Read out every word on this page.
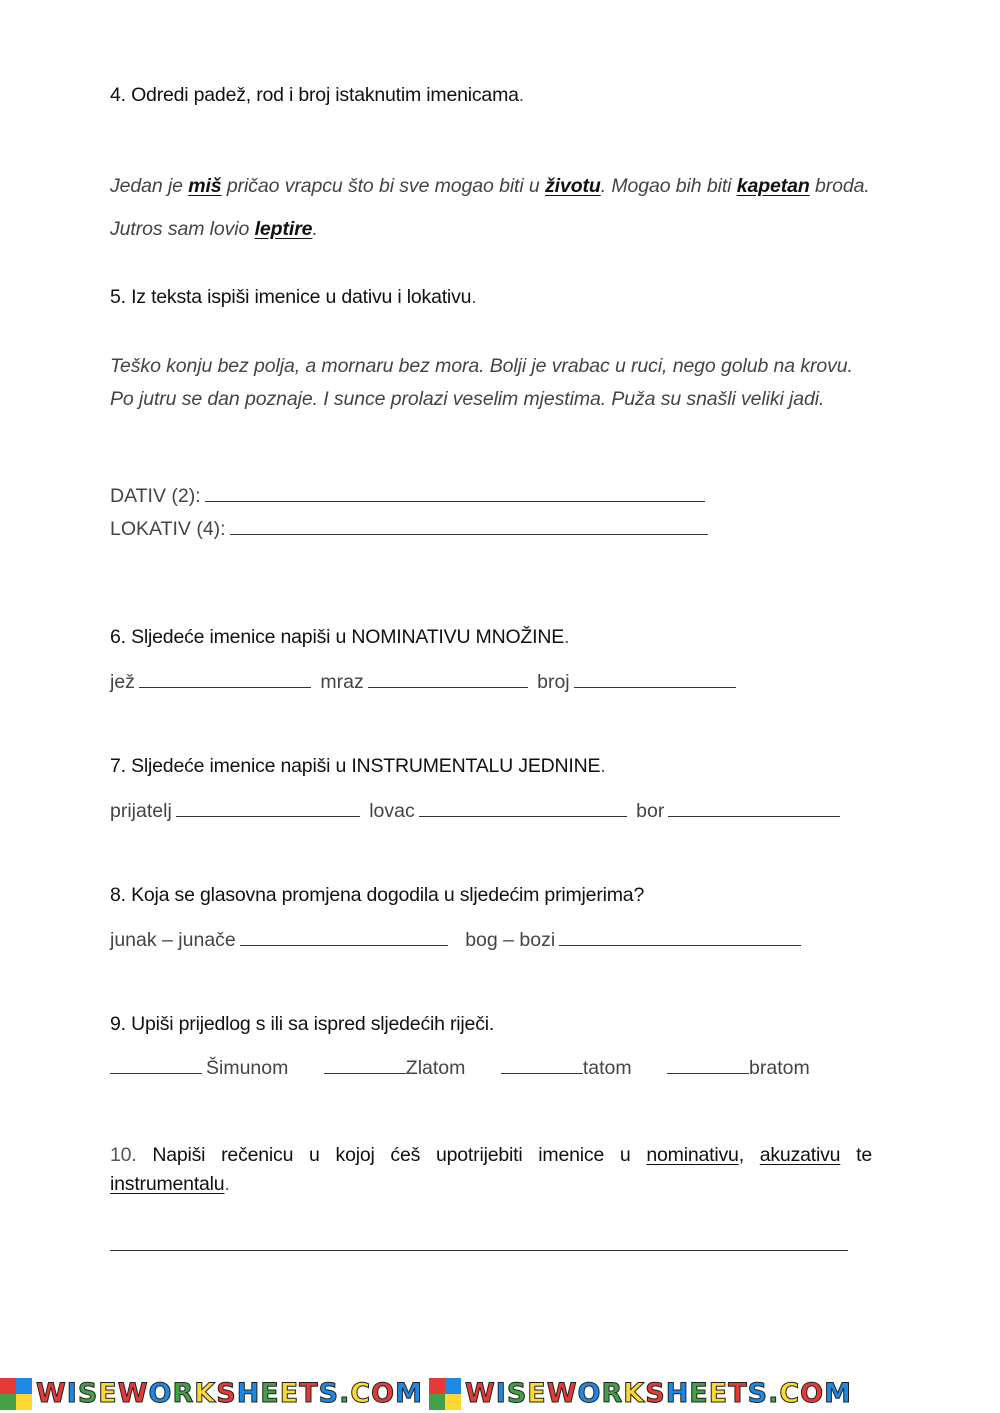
4. Odredi padež, rod i broj istaknutim imenicama.
Jedan je miš pričao vrapcu što bi sve mogao biti u životu. Mogao bih biti kapetan broda. Jutros sam lovio leptire.
5. Iz teksta ispiši imenice u dativu i lokativu.
Teško konju bez polja, a mornaru bez mora. Bolji je vrabac u ruci, nego golub na krovu. Po jutru se dan poznaje. I sunce prolazi veselim mjestima. Puža su snašli veliki jadi.
DATIV (2):
LOKATIV (4):
6. Sljedeće imenice napiši u NOMINATIVU MNOŽINE.
jež	mraz	broj
7. Sljedeće imenice napiši u INSTRUMENTALU JEDNINE.
prijatelj	lovac	bor
8. Koja se glasovna promjena dogodila u sljedećim primjerima?
junak – junače	bog – bozi
9. Upiši prijedlog s ili sa ispred sljedećih riječi.
Šimunom	Zlatom	tatom	bratom
10. Napiši rečenicu u kojoj ćeš upotrijebiti imenice u nominativu, akuzativu te instrumentalu.
WISEWORKSHEETS.COM WISEWORKSHEETS.COM
